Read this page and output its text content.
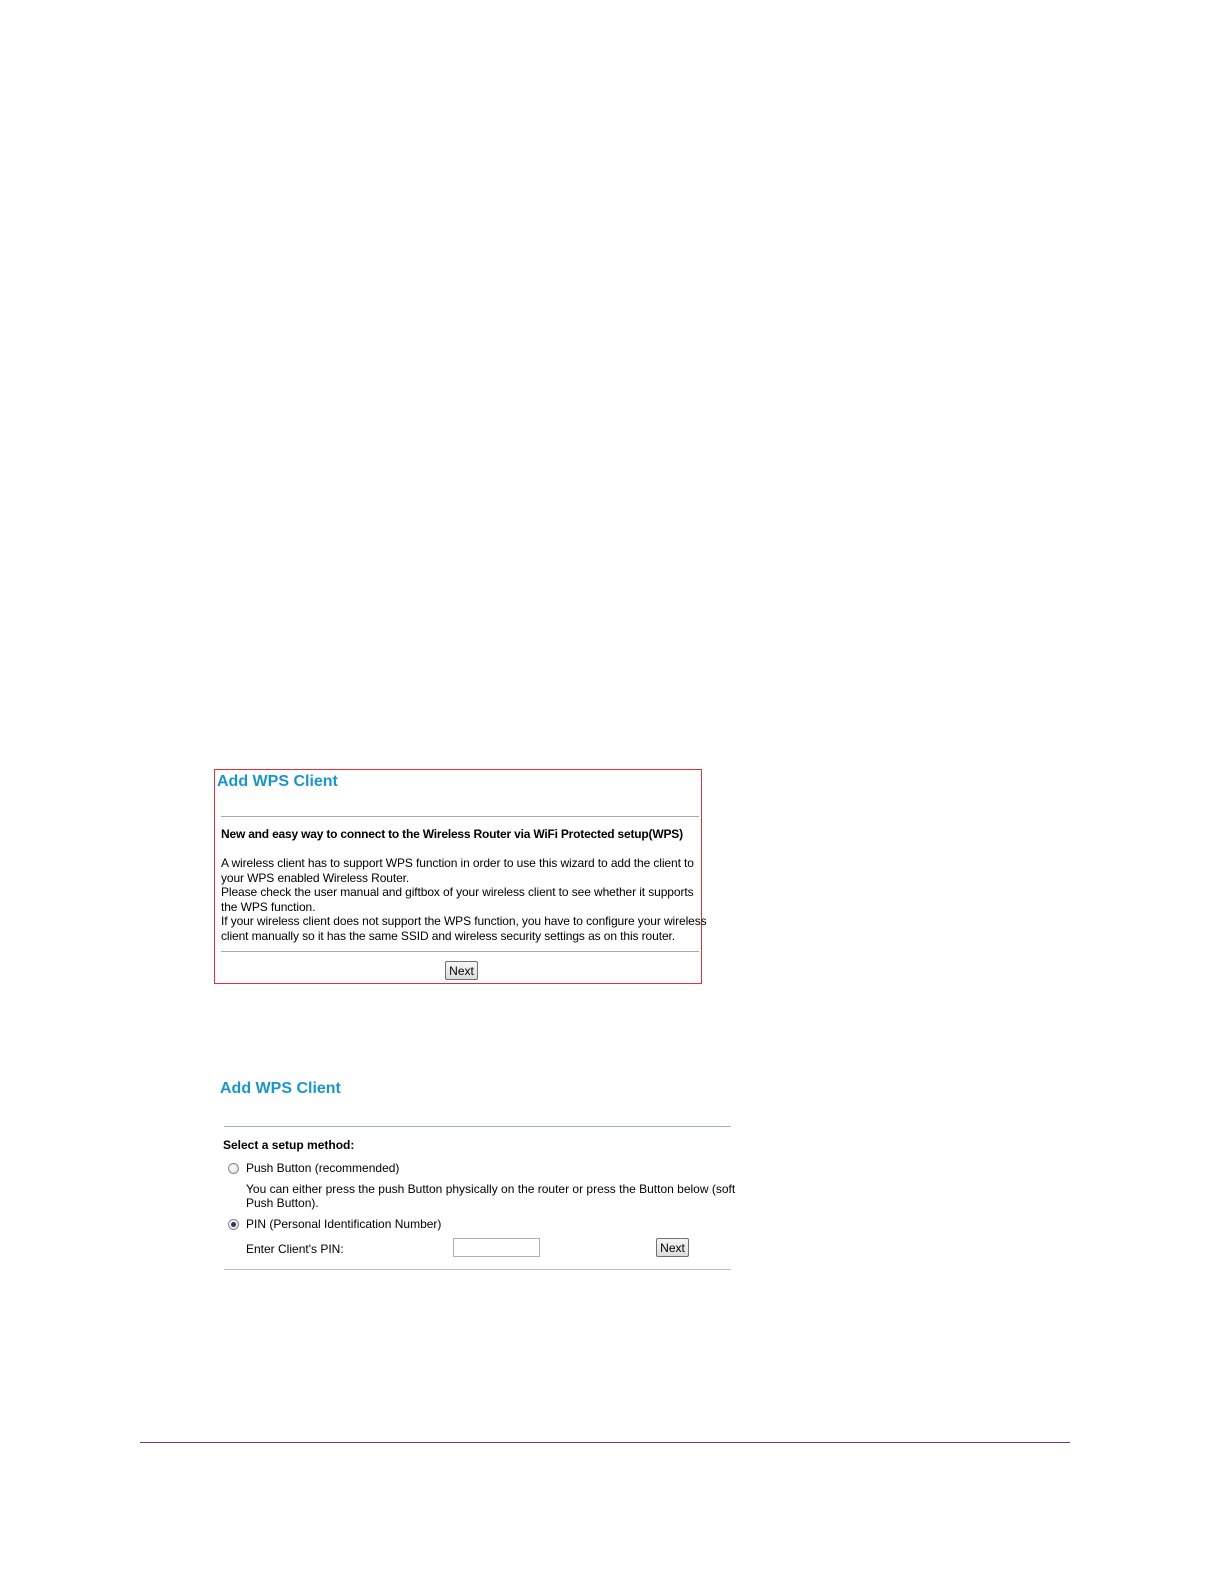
Add WPS Client
New and easy way to connect to the Wireless Router via WiFi Protected setup(WPS)
A wireless client has to support WPS function in order to use this wizard to add the client to
your WPS enabled Wireless Router.
Please check the user manual and giftbox of your wireless client to see whether it supports
the WPS function.
If your wireless client does not support the WPS function, you have to configure your wireless
client manually so it has the same SSID and wireless security settings as on this router.
Next
Add WPS Client
Select a setup method:
Push Button (recommended)
You can either press the push Button physically on the router or press the Button below (soft Push Button).
PIN (Personal Identification Number)
Enter Client's PIN:	Next
